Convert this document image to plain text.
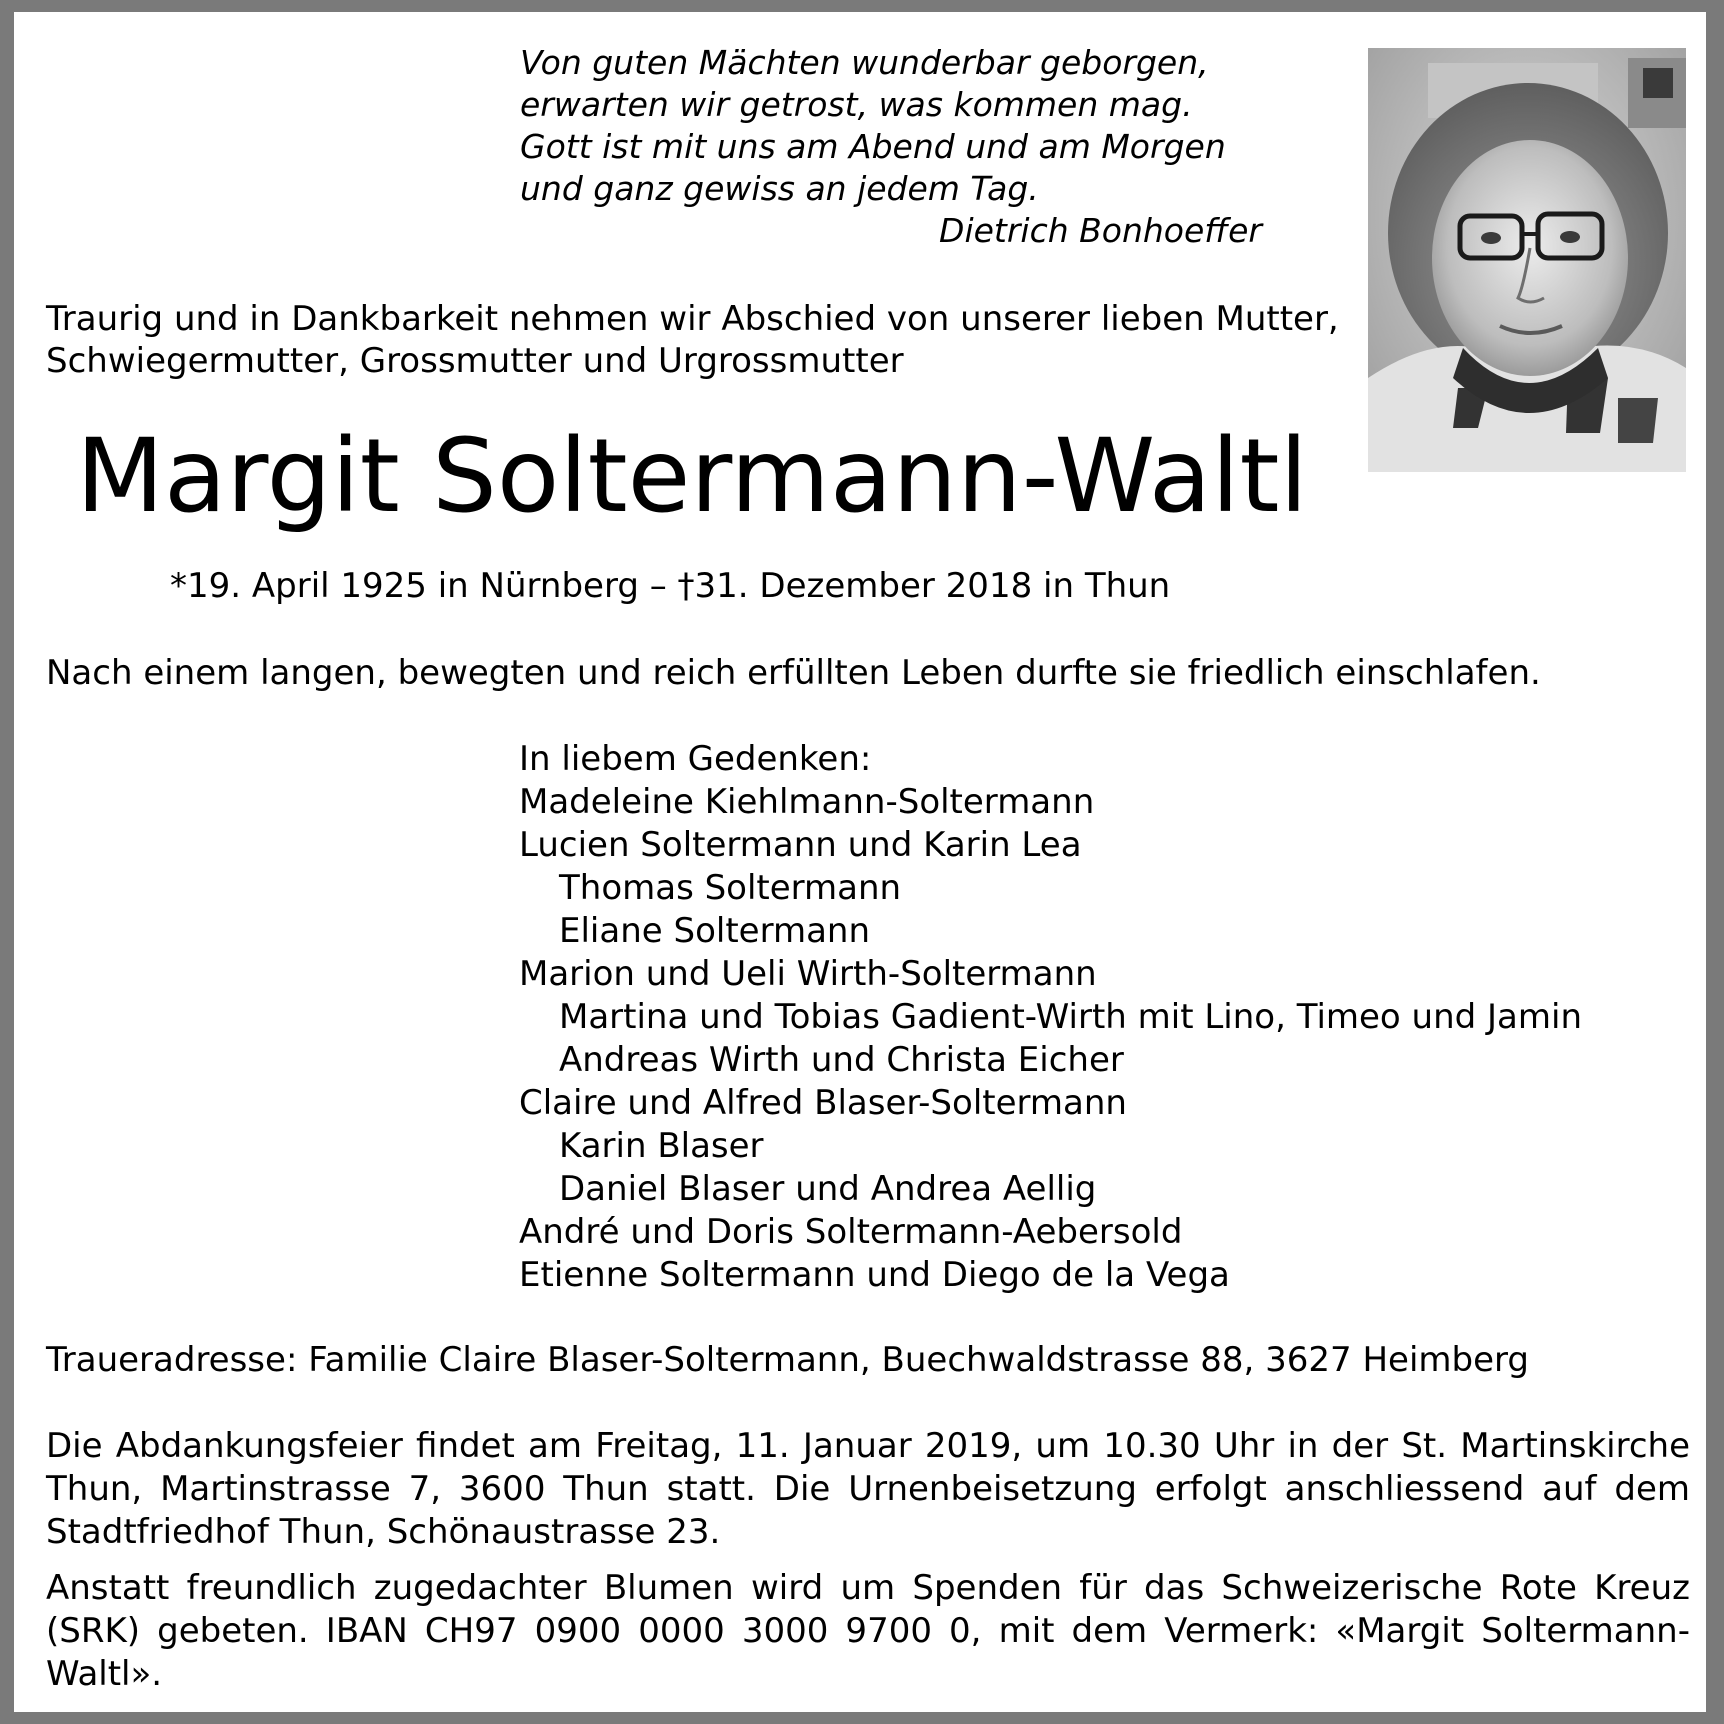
Von guten Mächten wunderbar geborgen,
erwarten wir getrost, was kommen mag.
Gott ist mit uns am Abend und am Morgen
und ganz gewiss an jedem Tag.
Dietrich Bonhoeffer
Traurig und in Dankbarkeit nehmen wir Abschied von unserer lieben Mutter,
Schwiegermutter, Grossmutter und Urgrossmutter
Margit Soltermann-Waltl
*19. April 1925 in Nürnberg – †31. Dezember 2018 in Thun
Nach einem langen, bewegten und reich erfüllten Leben durfte sie friedlich einschlafen.
In liebem Gedenken:
Madeleine Kiehlmann-Soltermann
Lucien Soltermann und Karin Lea
Thomas Soltermann
Eliane Soltermann
Marion und Ueli Wirth-Soltermann
Martina und Tobias Gadient-Wirth mit Lino, Timeo und Jamin
Andreas Wirth und Christa Eicher
Claire und Alfred Blaser-Soltermann
Karin Blaser
Daniel Blaser und Andrea Aellig
André und Doris Soltermann-Aebersold
Etienne Soltermann und Diego de la Vega
Traueradresse: Familie Claire Blaser-Soltermann, Buechwaldstrasse 88, 3627 Heimberg

Die Abdankungsfeier findet am Freitag, 11. Januar 2019, um 10.30 Uhr in der St. Martinskirche Thun, Martinstrasse 7, 3600 Thun statt. Die Urnenbeisetzung erfolgt anschliessend auf dem Stadtfriedhof Thun, Schönaustrasse 23.

Anstatt freundlich zugedachter Blumen wird um Spenden für das Schweizerische Rote Kreuz (SRK) gebeten. IBAN CH97 0900 0000 3000 9700 0, mit dem Vermerk: «Margit Soltermann-Waltl».
